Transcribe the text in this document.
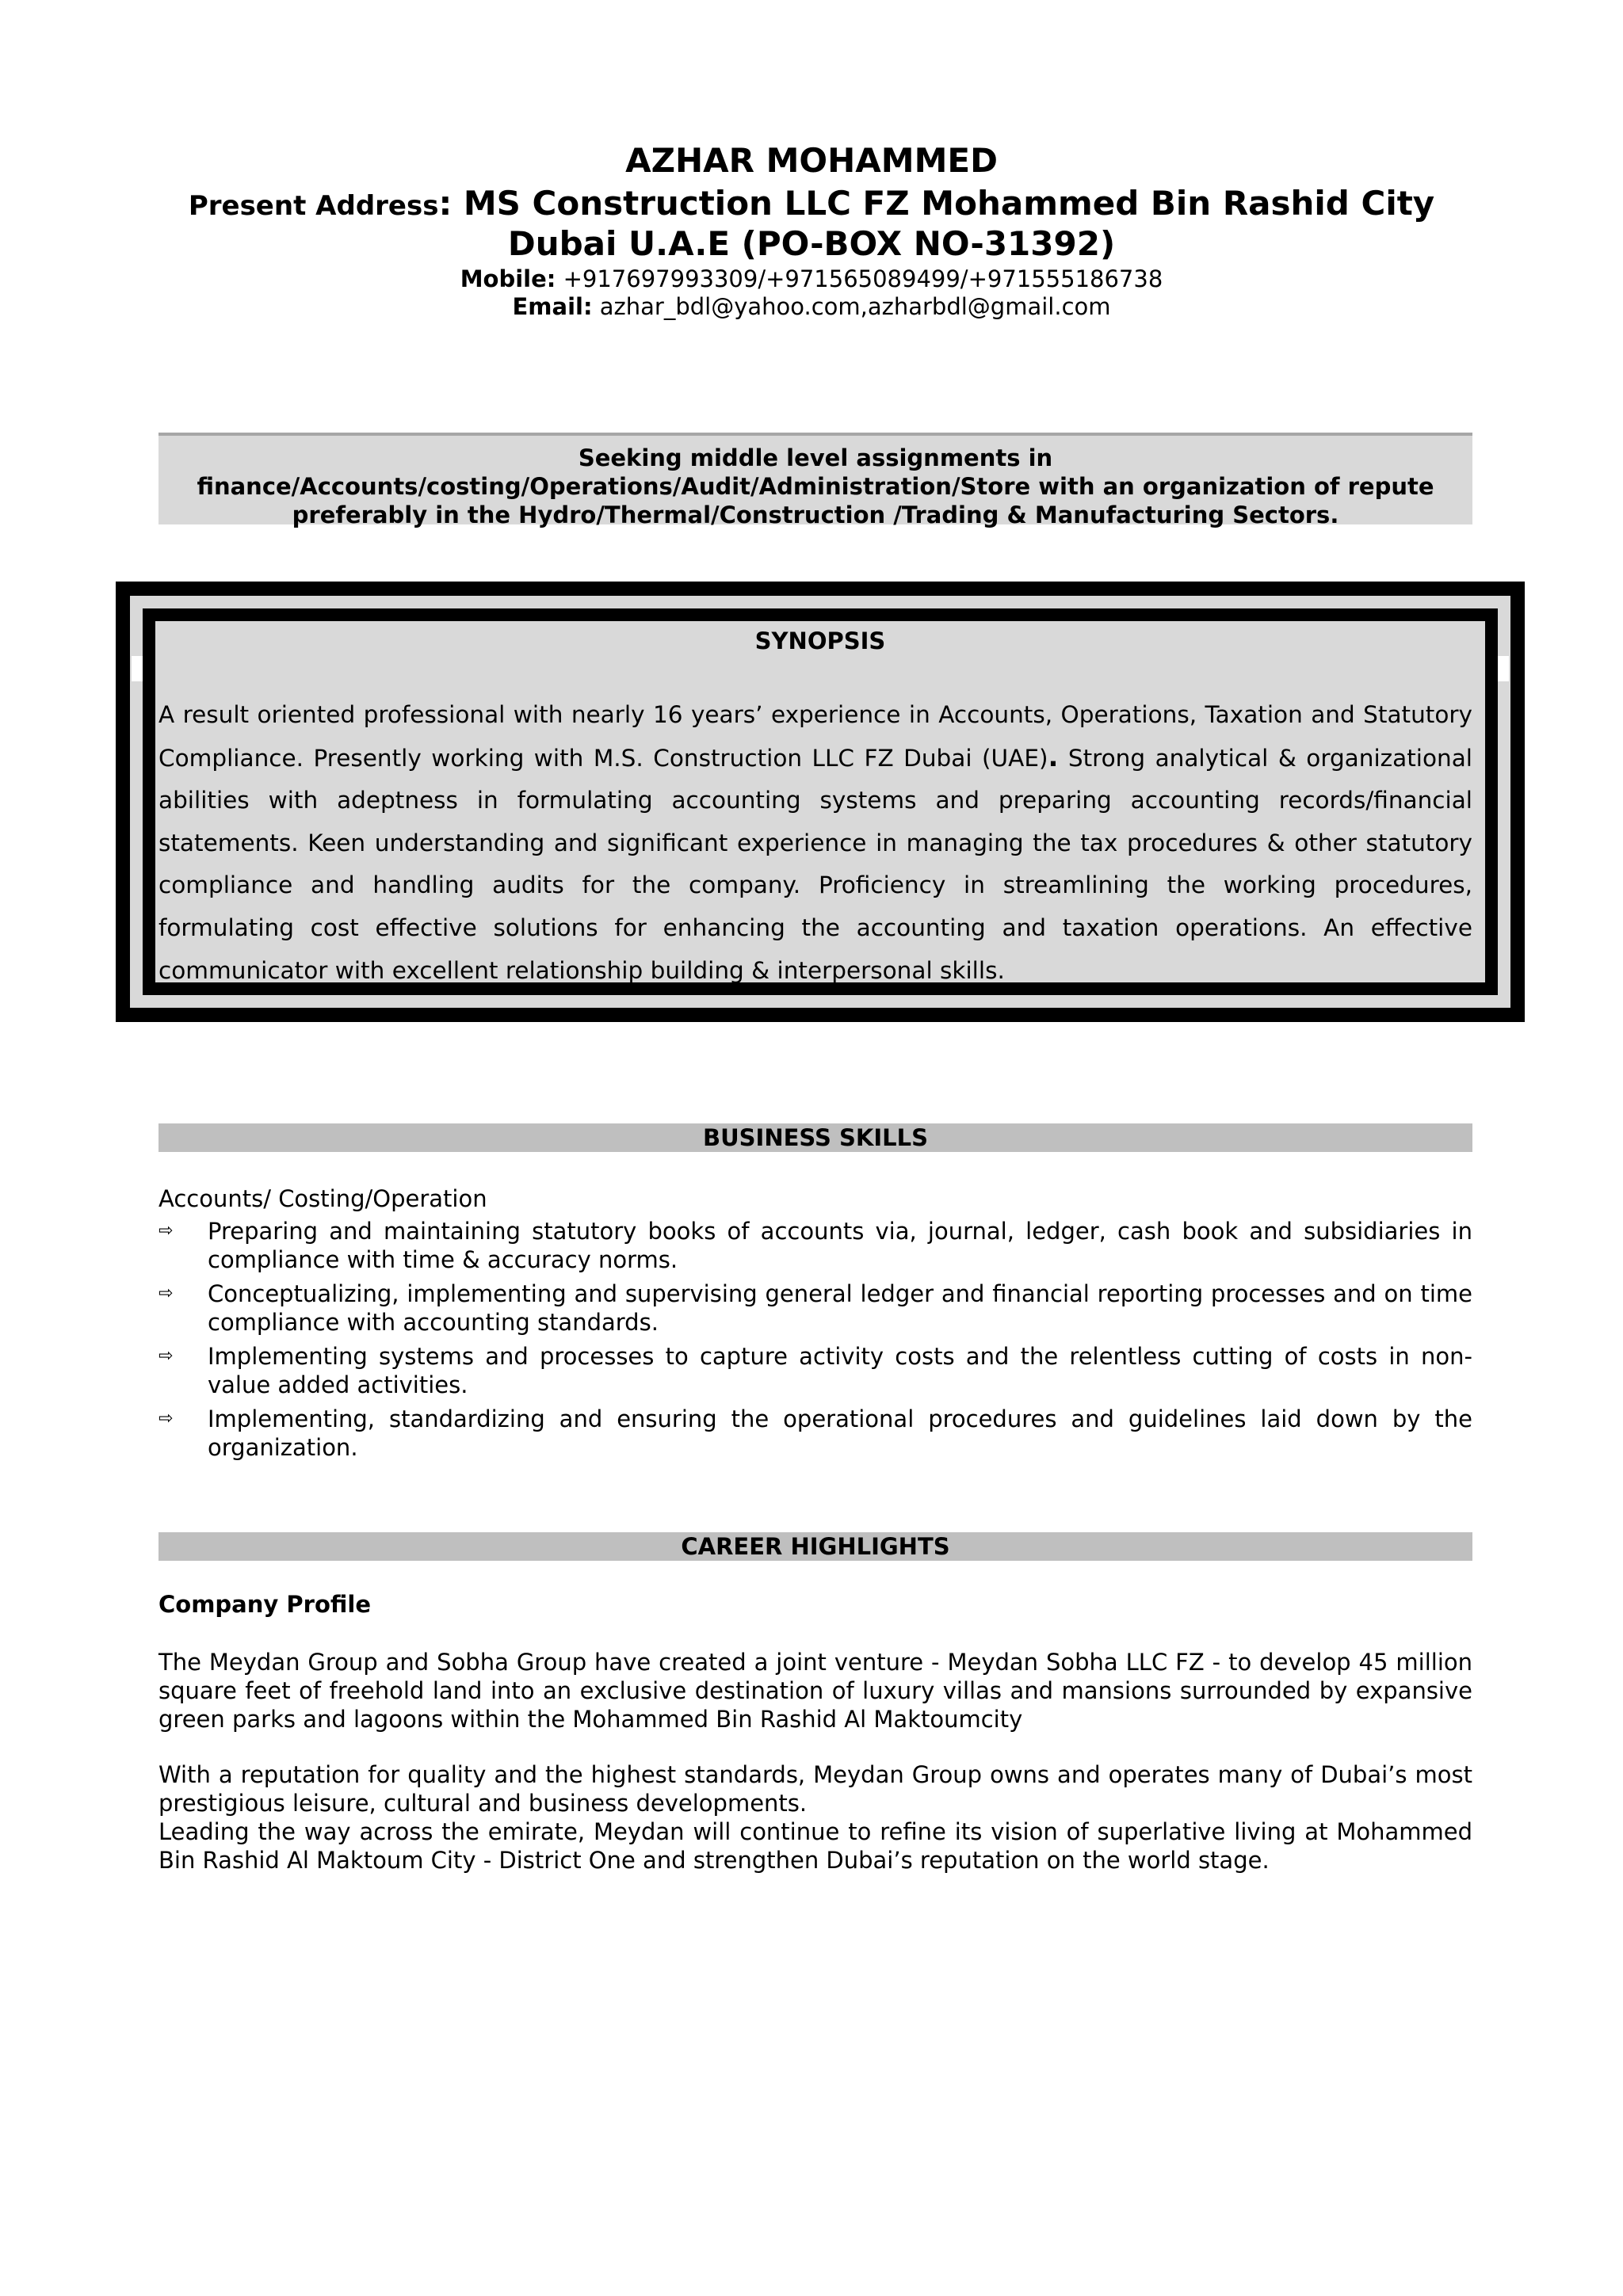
AZHAR MOHAMMED
Present Address: MS Construction LLC FZ Mohammed Bin Rashid City
Dubai U.A.E (PO-BOX NO-31392)
Mobile: +917697993309/+971565089499/+971555186738
Email: azhar_bdl@yahoo.com,azharbdl@gmail.com
Seeking middle level assignments in
finance/Accounts/costing/Operations/Audit/Administration/Store with an organization of repute
preferably in the Hydro/Thermal/Construction /Trading & Manufacturing Sectors.
SYNOPSIS
A result oriented professional with nearly 16 years’ experience in Accounts, Operations, Taxation and Statutory Compliance. Presently working with M.S. Construction LLC FZ Dubai (UAE). Strong analytical & organizational abilities with adeptness in formulating accounting systems and preparing accounting records/financial statements. Keen understanding and significant experience in managing the tax procedures & other statutory compliance and handling audits for the company. Proficiency in streamlining the working procedures, formulating cost effective solutions for enhancing the accounting and taxation operations. An effective communicator with excellent relationship building & interpersonal skills.
BUSINESS SKILLS
Accounts/ Costing/Operation
⇨	Preparing and maintaining statutory books of accounts via, journal, ledger, cash book and subsidiaries in compliance with time & accuracy norms.
⇨	Conceptualizing, implementing and supervising general ledger and financial reporting processes and on time compliance with accounting standards.
⇨	Implementing systems and processes to capture activity costs and the relentless cutting of costs in non-value added activities.
⇨	Implementing, standardizing and ensuring the operational procedures and guidelines laid down by the organization.
CAREER HIGHLIGHTS
Company Profile
The Meydan Group and Sobha Group have created a joint venture - Meydan Sobha LLC FZ - to develop 45 million square feet of freehold land into an exclusive destination of luxury villas and mansions surrounded by expansive green parks and lagoons within the Mohammed Bin Rashid Al Maktoumcity
With a reputation for quality and the highest standards, Meydan Group owns and operates many of Dubai’s most prestigious leisure, cultural and business developments.
Leading the way across the emirate, Meydan will continue to refine its vision of superlative living at Mohammed Bin Rashid Al Maktoum City - District One and strengthen Dubai’s reputation on the world stage.
